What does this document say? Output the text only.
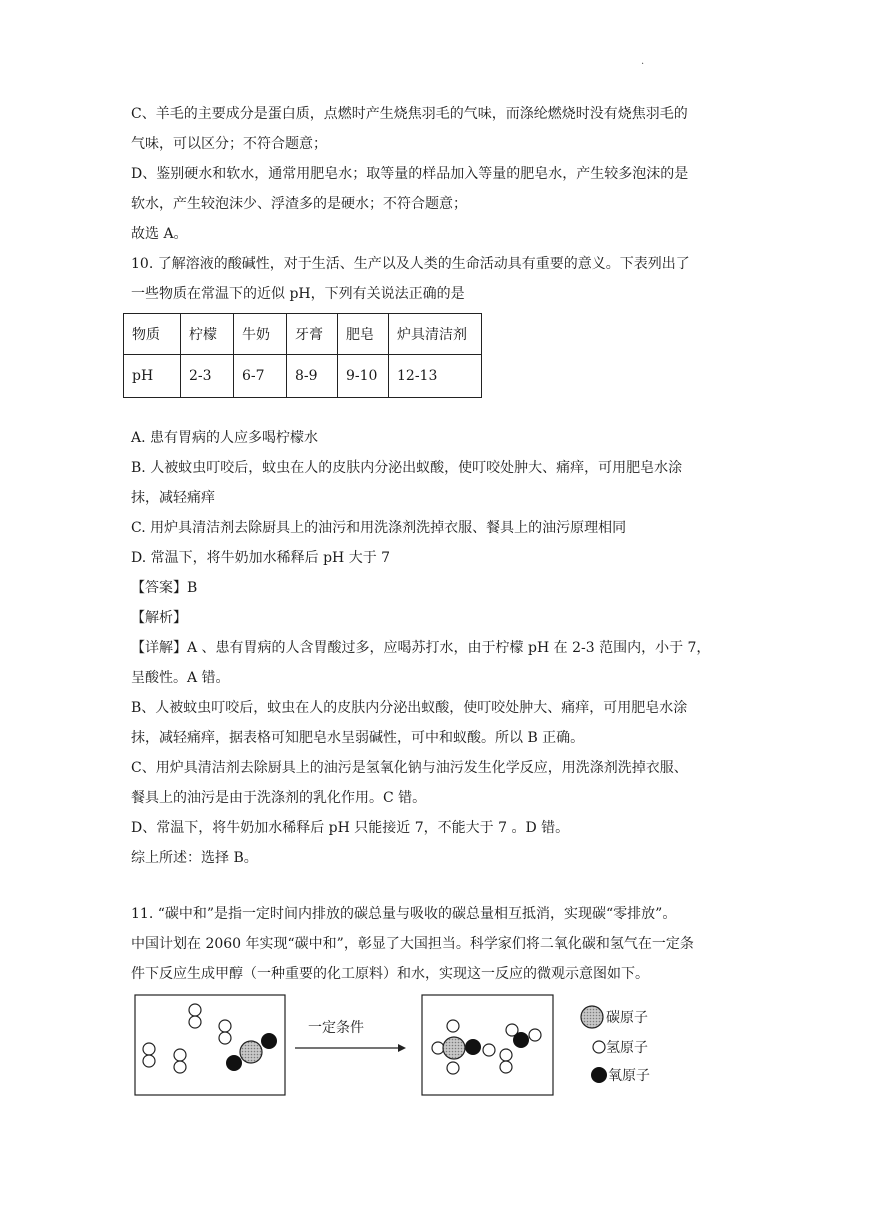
.
C、羊毛的主要成分是蛋白质，点燃时产生烧焦羽毛的气味，而涤纶燃烧时没有烧焦羽毛的
气味，可以区分；不符合题意；
D、鉴别硬水和软水，通常用肥皂水；取等量的样品加入等量的肥皂水，产生较多泡沫的是
软水，产生较泡沫少、浮渣多的是硬水；不符合题意；
故选 A。
10. 了解溶液的酸碱性，对于生活、生产以及人类的生命活动具有重要的意义。下表列出了
一些物质在常温下的近似 pH，下列有关说法正确的是
物质	柠檬	牛奶	牙膏	肥皂	炉具清洁剂
pH	2-3	6-7	8-9	9-10	12-13
A. 患有胃病的人应多喝柠檬水
B. 人被蚊虫叮咬后，蚊虫在人的皮肤内分泌出蚁酸，使叮咬处肿大、痛痒，可用肥皂水涂
抹，减轻痛痒
C. 用炉具清洁剂去除厨具上的油污和用洗涤剂洗掉衣服、餐具上的油污原理相同
D. 常温下，将牛奶加水稀释后 pH 大于 7
【答案】B
【解析】
【详解】A 、患有胃病的人含胃酸过多，应喝苏打水，由于柠檬 pH 在 2-3 范围内，小于 7，
呈酸性。A 错。
B、人被蚊虫叮咬后，蚊虫在人的皮肤内分泌出蚁酸，使叮咬处肿大、痛痒，可用肥皂水涂
抹，减轻痛痒，据表格可知肥皂水呈弱碱性，可中和蚁酸。所以 B 正确。
C、用炉具清洁剂去除厨具上的油污是氢氧化钠与油污发生化学反应，用洗涤剂洗掉衣服、
餐具上的油污是由于洗涤剂的乳化作用。C 错。
D、常温下，将牛奶加水稀释后 pH 只能接近 7，不能大于 7 。D 错。
综上所述：选择 B。
11. “碳中和”是指一定时间内排放的碳总量与吸收的碳总量相互抵消，实现碳“零排放”。
中国计划在 2060 年实现“碳中和”，彰显了大国担当。科学家们将二氧化碳和氢气在一定条
件下反应生成甲醇（一种重要的化工原料）和水，实现这一反应的微观示意图如下。
一定条件
碳原子
氢原子
氧原子
